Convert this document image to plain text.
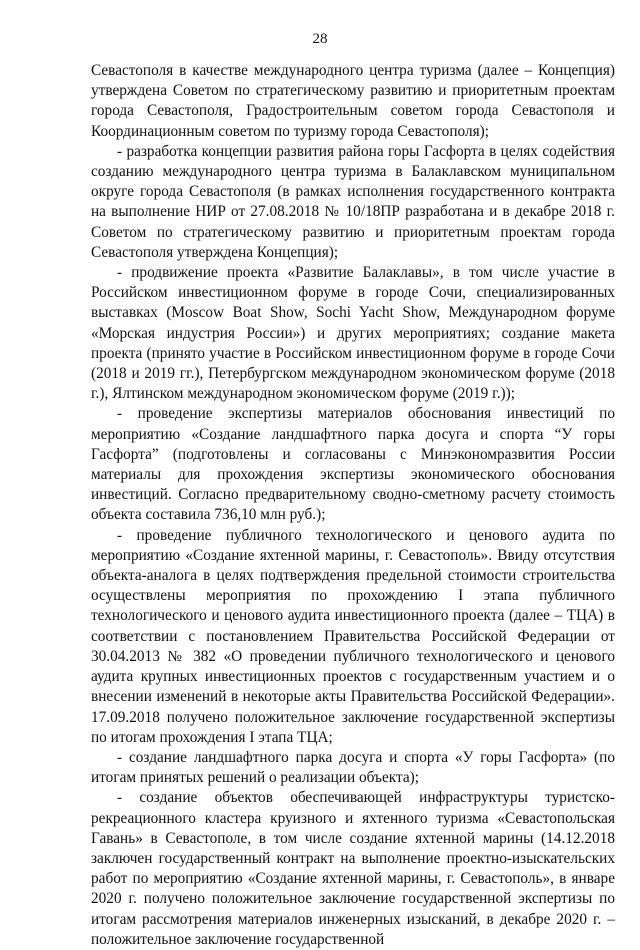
28

Севастополя в качестве международного центра туризма (далее – Концепция) утверждена Советом по стратегическому развитию и приоритетным проектам города Севастополя, Градостроительным советом города Севастополя и Координационным советом по туризму города Севастополя);

- разработка концепции развития района горы Гасфорта в целях содействия созданию международного центра туризма в Балаклавском муниципальном округе города Севастополя (в рамках исполнения государственного контракта на выполнение НИР от 27.08.2018 № 10/18ПР разработана и в декабре 2018 г. Советом по стратегическому развитию и приоритетным проектам города Севастополя утверждена Концепция);

- продвижение проекта «Развитие Балаклавы», в том числе участие в Российском инвестиционном форуме в городе Сочи, специализированных выставках (Moscow Boat Show, Sochi Yacht Show, Международном форуме «Морская индустрия России») и других мероприятиях; создание макета проекта (принято участие в Российском инвестиционном форуме в городе Сочи (2018 и 2019 гг.), Петербургском международном экономическом форуме (2018 г.), Ялтинском международном экономическом форуме (2019 г.));

- проведение экспертизы материалов обоснования инвестиций по мероприятию «Создание ландшафтного парка досуга и спорта “У горы Гасфорта” (подготовлены и согласованы с Минэкономразвития России материалы для прохождения экспертизы экономического обоснования инвестиций. Согласно предварительному сводно-сметному расчету стоимость объекта составила 736,10 млн руб.);

- проведение публичного технологического и ценового аудита по мероприятию «Создание яхтенной марины, г. Севастополь». Ввиду отсутствия объекта-аналога в целях подтверждения предельной стоимости строительства осуществлены мероприятия по прохождению I этапа публичного технологического и ценового аудита инвестиционного проекта (далее – ТЦА) в соответствии с постановлением Правительства Российской Федерации от 30.04.2013 № 382 «О проведении публичного технологического и ценового аудита крупных инвестиционных проектов с государственным участием и о внесении изменений в некоторые акты Правительства Российской Федерации». 17.09.2018 получено положительное заключение государственной экспертизы по итогам прохождения I этапа ТЦА;

- создание ландшафтного парка досуга и спорта «У горы Гасфорта» (по итогам принятых решений о реализации объекта);

- создание объектов обеспечивающей инфраструктуры туристско-рекреационного кластера круизного и яхтенного туризма «Севастопольская Гавань» в Севастополе, в том числе создание яхтенной марины (14.12.2018 заключен государственный контракт на выполнение проектно-изыскательских работ по мероприятию «Создание яхтенной марины, г. Севастополь», в январе 2020 г. получено положительное заключение государственной экспертизы по итогам рассмотрения материалов инженерных изысканий, в декабре 2020 г. – положительное заключение государственной
